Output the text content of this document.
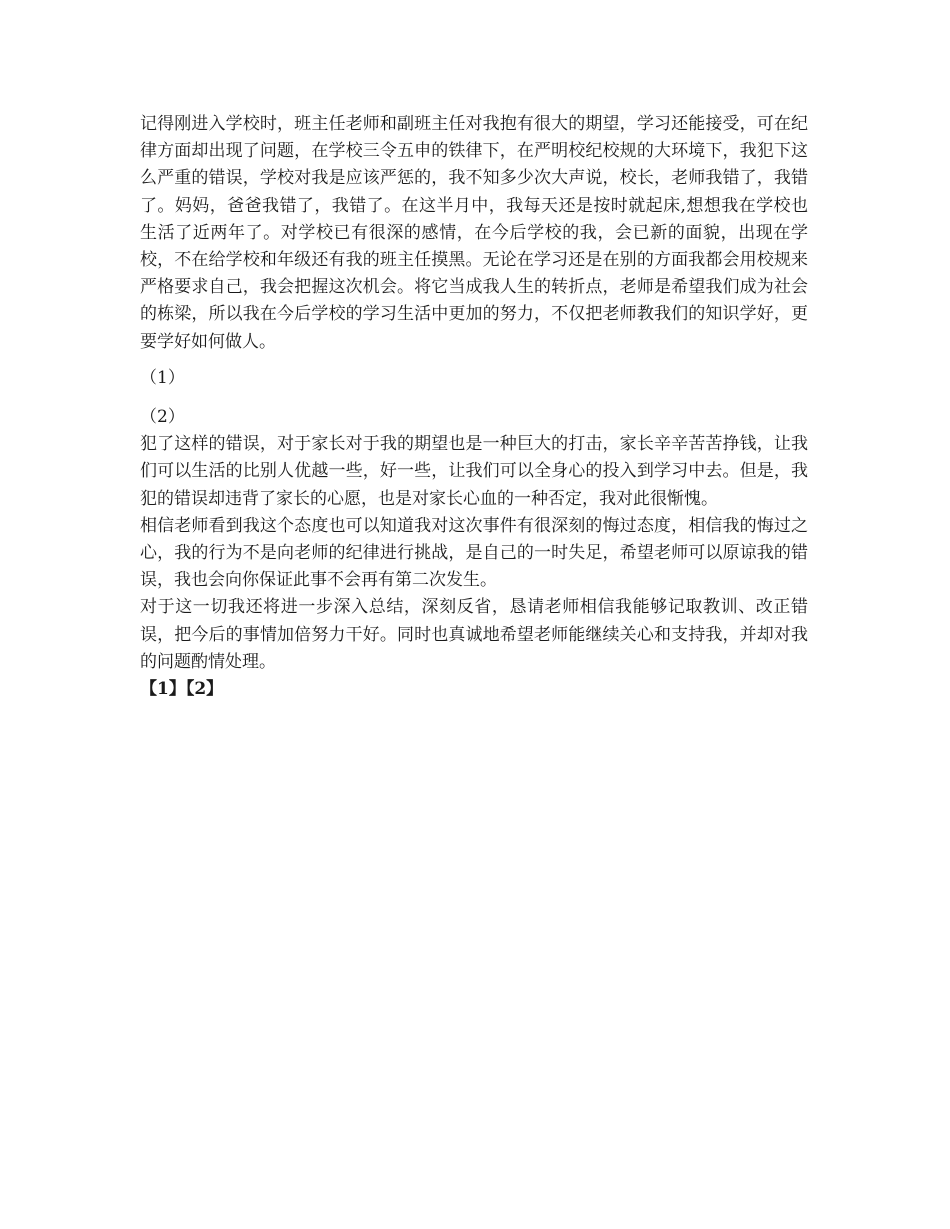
记得刚进入学校时，班主任老师和副班主任对我抱有很大的期望，学习还能接受，可在纪律方面却出现了问题，在学校三令五申的铁律下，在严明校纪校规的大环境下，我犯下这么严重的错误，学校对我是应该严惩的，我不知多少次大声说，校长，老师我错了，我错了。妈妈，爸爸我错了，我错了。在这半月中，我每天还是按时就起床,想想我在学校也生活了近两年了。对学校已有很深的感情，在今后学校的我，会已新的面貌，出现在学校，不在给学校和年级还有我的班主任摸黑。无论在学习还是在别的方面我都会用校规来严格要求自己，我会把握这次机会。将它当成我人生的转折点，老师是希望我们成为社会的栋梁，所以我在今后学校的学习生活中更加的努力，不仅把老师教我们的知识学好，更要学好如何做人。

（1）

（2）

犯了这样的错误，对于家长对于我的期望也是一种巨大的打击，家长辛辛苦苦挣钱，让我们可以生活的比别人优越一些，好一些，让我们可以全身心的投入到学习中去。但是，我犯的错误却违背了家长的心愿，也是对家长心血的一种否定，我对此很惭愧。

相信老师看到我这个态度也可以知道我对这次事件有很深刻的悔过态度，相信我的悔过之心，我的行为不是向老师的纪律进行挑战，是自己的一时失足，希望老师可以原谅我的错误，我也会向你保证此事不会再有第二次发生。

对于这一切我还将进一步深入总结，深刻反省，恳请老师相信我能够记取教训、改正错误，把今后的事情加倍努力干好。同时也真诚地希望老师能继续关心和支持我，并却对我的问题酌情处理。

【1】【2】
